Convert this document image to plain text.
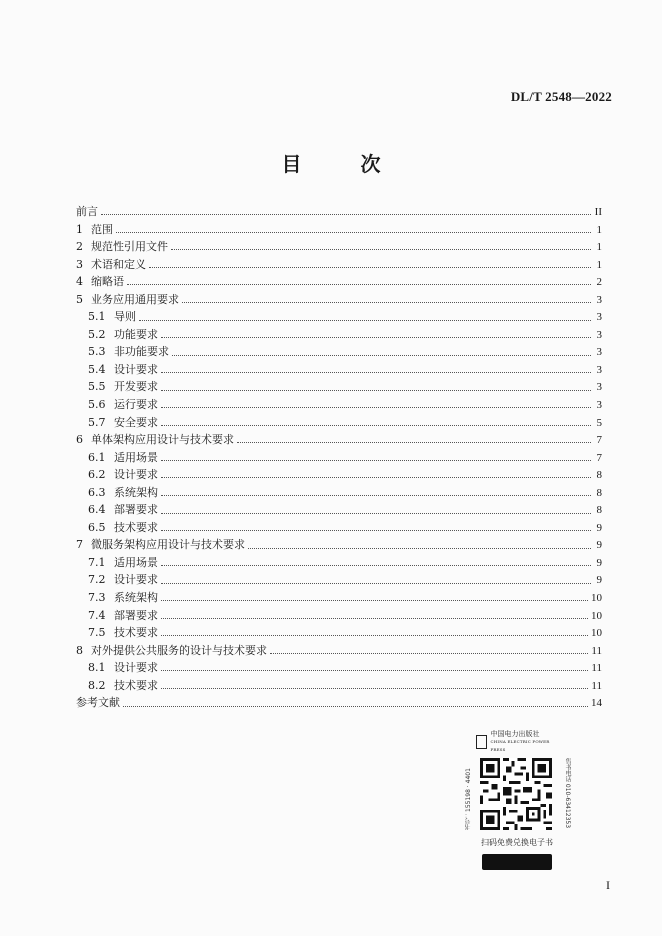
DL/T 2548—2022
目 次
前言	II
1 范围	1
2 规范性引用文件	1
3 术语和定义	1
4 缩略语	2
5 业务应用通用要求	3
5.1 导则	3
5.2 功能要求	3
5.3 非功能要求	3
5.4 设计要求	3
5.5 开发要求	3
5.6 运行要求	3
5.7 安全要求	5
6 单体架构应用设计与技术要求	7
6.1 适用场景	7
6.2 设计要求	8
6.3 系统架构	8
6.4 部署要求	8
6.5 技术要求	9
7 微服务架构应用设计与技术要求	9
7.1 适用场景	9
7.2 设计要求	9
7.3 系统架构	10
7.4 部署要求	10
7.5 技术要求	10
8 对外提供公共服务的设计与技术要求	11
8.1 设计要求	11
8.2 技术要求	11
参考文献	14
中国电力出版社
CHINA ELECTRIC POWER PRESS
书号：155198 · 4401	售书电话 010-63412353
扫码免费兑换电子书
I
